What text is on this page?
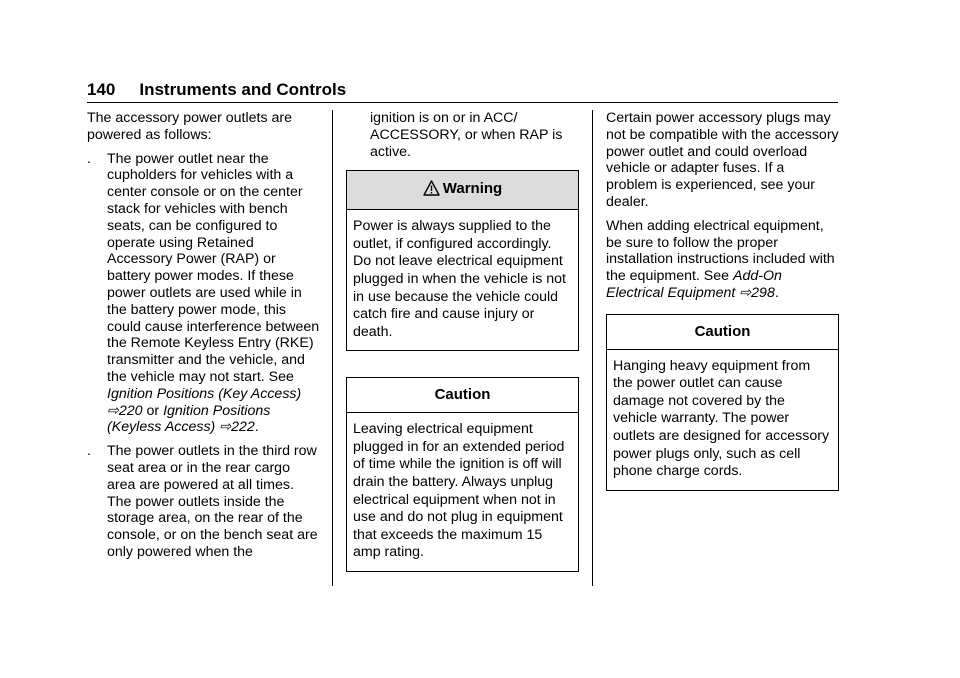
140 Instruments and Controls

The accessory power outlets are powered as follows:

.	The power outlet near the cupholders for vehicles with a center console or on the center stack for vehicles with bench seats, can be configured to operate using Retained Accessory Power (RAP) or battery power modes. If these power outlets are used while in the battery power mode, this could cause interference between the Remote Keyless Entry (RKE) transmitter and the vehicle, and the vehicle may not start. See Ignition Positions (Key Access) ⇨220 or Ignition Positions (Keyless Access) ⇨222.
.	The power outlets in the third row seat area or in the rear cargo area are powered at all times. The power outlets inside the storage area, on the rear of the console, or on the bench seat are only powered when the

ignition is on or in ACC/ ACCESSORY, or when RAP is active.

Warning
Power is always supplied to the outlet, if configured accordingly. Do not leave electrical equipment plugged in when the vehicle is not in use because the vehicle could catch fire and cause injury or death.
Caution
Leaving electrical equipment plugged in for an extended period of time while the ignition is off will drain the battery. Always unplug electrical equipment when not in use and do not plug in equipment that exceeds the maximum 15 amp rating.

Certain power accessory plugs may not be compatible with the accessory power outlet and could overload vehicle or adapter fuses. If a problem is experienced, see your dealer.

When adding electrical equipment, be sure to follow the proper installation instructions included with the equipment. See Add-On Electrical Equipment ⇨298.

Caution
Hanging heavy equipment from the power outlet can cause damage not covered by the vehicle warranty. The power outlets are designed for accessory power plugs only, such as cell phone charge cords.
